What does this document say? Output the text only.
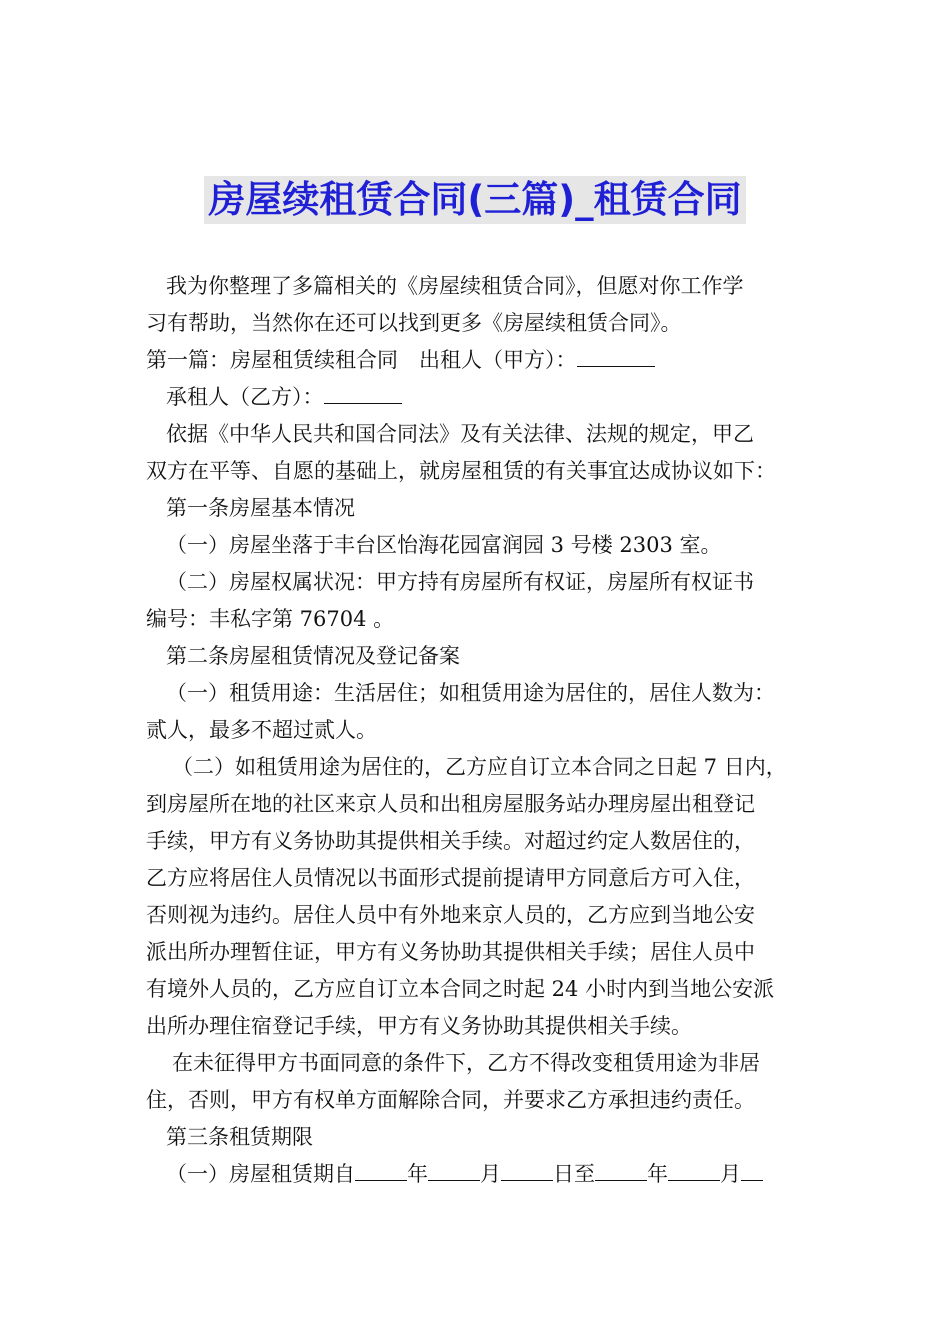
房屋续租赁合同(三篇)_租赁合同

我为你整理了多篇相关的《房屋续租赁合同》，但愿对你工作学

习有帮助，当然你在还可以找到更多《房屋续租赁合同》。

第一篇：房屋租赁续租合同　出租人（甲方）：

承租人（乙方）：

依据《中华人民共和国合同法》及有关法律、法规的规定，甲乙

双方在平等、自愿的基础上，就房屋租赁的有关事宜达成协议如下：

第一条房屋基本情况

（一）房屋坐落于丰台区怡海花园富润园 3 号楼 2303 室。

（二）房屋权属状况：甲方持有房屋所有权证，房屋所有权证书

编号：丰私字第 76704 。

第二条房屋租赁情况及登记备案

（一）租赁用途：生活居住；如租赁用途为居住的，居住人数为：

贰人，最多不超过贰人。

（二）如租赁用途为居住的，乙方应自订立本合同之日起 7 日内，

到房屋所在地的社区来京人员和出租房屋服务站办理房屋出租登记

手续，甲方有义务协助其提供相关手续。对超过约定人数居住的，

乙方应将居住人员情况以书面形式提前提请甲方同意后方可入住，

否则视为违约。居住人员中有外地来京人员的，乙方应到当地公安

派出所办理暂住证，甲方有义务协助其提供相关手续；居住人员中

有境外人员的，乙方应自订立本合同之时起 24 小时内到当地公安派

出所办理住宿登记手续，甲方有义务协助其提供相关手续。

在未征得甲方书面同意的条件下，乙方不得改变租赁用途为非居

住，否则，甲方有权单方面解除合同，并要求乙方承担违约责任。

第三条租赁期限

（一）房屋租赁期自 年 月 日至 年 月
